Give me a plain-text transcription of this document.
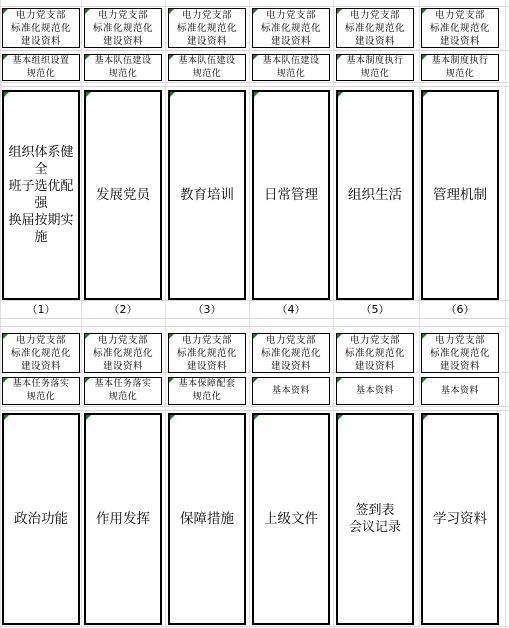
电力党支部
标准化规范化
建设资料
基本组织设置
规范化
组织体系健全
班子选优配强
换届按期实施
（1）
电力党支部
标准化规范化
建设资料
基本队伍建设
规范化
发展党员
（2）
电力党支部
标准化规范化
建设资料
基本队伍建设
规范化
教育培训
（3）
电力党支部
标准化规范化
建设资料
基本队伍建设
规范化
日常管理
（4）
电力党支部
标准化规范化
建设资料
基本制度执行
规范化
组织生活
（5）
电力党支部
标准化规范化
建设资料
基本制度执行
规范化
管理机制
（6）
电力党支部
标准化规范化
建设资料
基本任务落实
规范化
政治功能
电力党支部
标准化规范化
建设资料
基本任务落实
规范化
作用发挥
电力党支部
标准化规范化
建设资料
基本保障配套
规范化
保障措施
电力党支部
标准化规范化
建设资料
基本资料
上级文件
电力党支部
标准化规范化
建设资料
基本资料
签到表
会议记录
电力党支部
标准化规范化
建设资料
基本资料
学习资料
